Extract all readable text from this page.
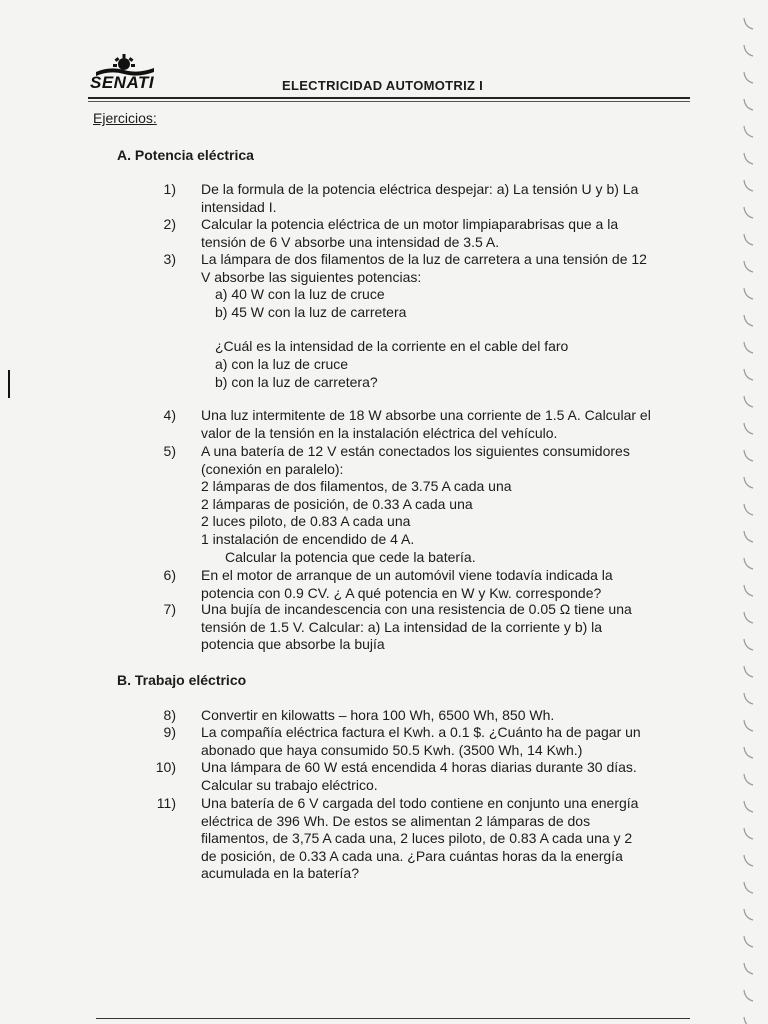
SENATI	ELECTRICIDAD AUTOMOTRIZ I
Ejercicios:
A. Potencia eléctrica
1) De la formula de la potencia eléctrica despejar: a) La tensión U y b) La
intensidad I.
2) Calcular la potencia eléctrica de un motor limpiaparabrisas que a la
tensión de 6 V absorbe una intensidad de 3.5 A.
3) La lámpara de dos filamentos de la luz de carretera a una tensión de 12
V absorbe las siguientes potencias:
a) 40 W con la luz de cruce
b) 45 W con la luz de carretera
¿Cuál es la intensidad de la corriente en el cable del faro
a) con la luz de cruce
b) con la luz de carretera?
4) Una luz intermitente de 18 W absorbe una corriente de 1.5 A. Calcular el
valor de la tensión en la instalación eléctrica del vehículo.
5) A una batería de 12 V están conectados los siguientes consumidores
(conexión en paralelo):
2 lámparas de dos filamentos, de 3.75 A cada una
2 lámparas de posición, de 0.33 A cada una
2 luces piloto, de 0.83 A cada una
1 instalación de encendido de 4 A.
Calcular la potencia que cede la batería.
6) En el motor de arranque de un automóvil viene todavía indicada la
potencia con 0.9 CV. ¿ A qué potencia en W y Kw. corresponde?
7) Una bujía de incandescencia con una resistencia de 0.05 Ω tiene una
tensión de 1.5 V. Calcular: a) La intensidad de la corriente y b) la
potencia que absorbe la bujía
B. Trabajo eléctrico
8) Convertir en kilowatts – hora 100 Wh, 6500 Wh, 850 Wh.
9) La compañía eléctrica factura el Kwh. a 0.1 $. ¿Cuánto ha de pagar un
abonado que haya consumido 50.5 Kwh. (3500 Wh, 14 Kwh.)
10) Una lámpara de 60 W está encendida 4 horas diarias durante 30 días.
Calcular su trabajo eléctrico.
11) Una batería de 6 V cargada del todo contiene en conjunto una energía
eléctrica de 396 Wh. De estos se alimentan 2 lámparas de dos
filamentos, de 3,75 A cada una, 2 luces piloto, de 0.83 A cada una y 2
de posición, de 0.33 A cada una. ¿Para cuántas horas da la energía
acumulada en la batería?
